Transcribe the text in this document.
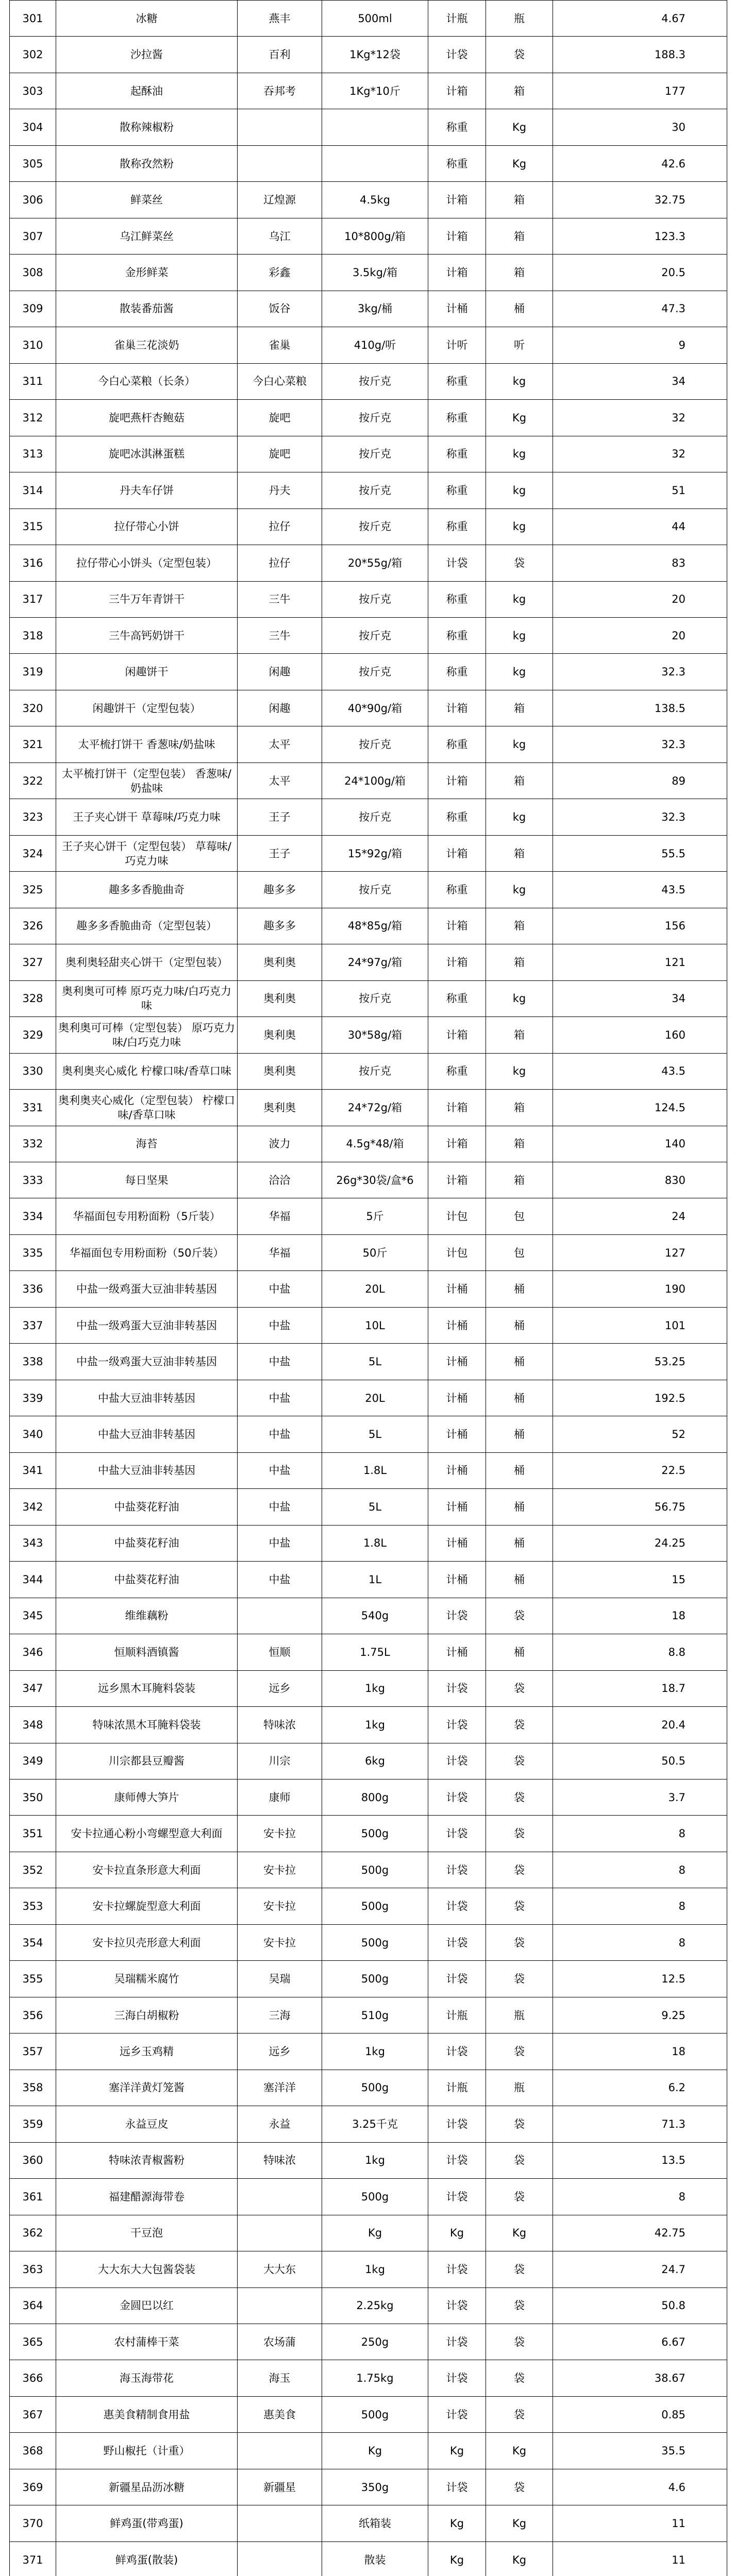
301	冰糖	燕丰	500ml	计瓶	瓶	4.67
302	沙拉酱	百利	1Kg*12袋	计袋	袋	188.3
303	起酥油	吞邦考	1Kg*10斤	计箱	箱	177
304	散称辣椒粉			称重	Kg	30
305	散称孜然粉			称重	Kg	42.6
306	鲜菜丝	辽煌源	4.5kg	计箱	箱	32.75
307	乌江鲜菜丝	乌江	10*800g/箱	计箱	箱	123.3
308	金形鲜菜	彩鑫	3.5kg/箱	计箱	箱	20.5
309	散装番茄酱	饭谷	3kg/桶	计桶	桶	47.3
310	雀巢三花淡奶	雀巢	410g/听	计听	听	9
311	今白心菜粮（长条）	今白心菜粮	按斤克	称重	kg	34
312	旋吧燕杆杏鲍菇	旋吧	按斤克	称重	Kg	32
313	旋吧冰淇淋蛋糕	旋吧	按斤克	称重	kg	32
314	丹夫车仔饼	丹夫	按斤克	称重	kg	51
315	拉仔带心小饼	拉仔	按斤克	称重	kg	44
316	拉仔带心小饼头（定型包装）	拉仔	20*55g/箱	计袋	袋	83
317	三牛万年青饼干	三牛	按斤克	称重	kg	20
318	三牛高钙奶饼干	三牛	按斤克	称重	kg	20
319	闲趣饼干	闲趣	按斤克	称重	kg	32.3
320	闲趣饼干（定型包装）	闲趣	40*90g/箱	计箱	箱	138.5
321	太平梳打饼干 香葱味/奶盐味	太平	按斤克	称重	kg	32.3
322	太平梳打饼干（定型包装） 香葱味/奶盐味	太平	24*100g/箱	计箱	箱	89
323	王子夹心饼干 草莓味/巧克力味	王子	按斤克	称重	kg	32.3
324	王子夹心饼干（定型包装） 草莓味/巧克力味	王子	15*92g/箱	计箱	箱	55.5
325	趣多多香脆曲奇	趣多多	按斤克	称重	kg	43.5
326	趣多多香脆曲奇（定型包装）	趣多多	48*85g/箱	计箱	箱	156
327	奥利奥轻甜夹心饼干（定型包装）	奥利奥	24*97g/箱	计箱	箱	121
328	奥利奥可可棒 原巧克力味/白巧克力味	奥利奥	按斤克	称重	kg	34
329	奥利奥可可棒（定型包装） 原巧克力味/白巧克力味	奥利奥	30*58g/箱	计箱	箱	160
330	奥利奥夹心威化 柠檬口味/香草口味	奥利奥	按斤克	称重	kg	43.5
331	奥利奥夹心威化（定型包装） 柠檬口味/香草口味	奥利奥	24*72g/箱	计箱	箱	124.5
332	海苔	波力	4.5g*48/箱	计箱	箱	140
333	每日坚果	洽洽	26g*30袋/盒*6	计箱	箱	830
334	华福面包专用粉面粉（5斤装）	华福	5斤	计包	包	24
335	华福面包专用粉面粉（50斤装）	华福	50斤	计包	包	127
336	中盐一级鸡蛋大豆油非转基因	中盐	20L	计桶	桶	190
337	中盐一级鸡蛋大豆油非转基因	中盐	10L	计桶	桶	101
338	中盐一级鸡蛋大豆油非转基因	中盐	5L	计桶	桶	53.25
339	中盐大豆油非转基因	中盐	20L	计桶	桶	192.5
340	中盐大豆油非转基因	中盐	5L	计桶	桶	52
341	中盐大豆油非转基因	中盐	1.8L	计桶	桶	22.5
342	中盐葵花籽油	中盐	5L	计桶	桶	56.75
343	中盐葵花籽油	中盐	1.8L	计桶	桶	24.25
344	中盐葵花籽油	中盐	1L	计桶	桶	15
345	维维藕粉		540g	计袋	袋	18
346	恒顺料酒镇酱	恒顺	1.75L	计桶	桶	8.8
347	远乡黑木耳腌料袋装	远乡	1kg	计袋	袋	18.7
348	特味浓黑木耳腌料袋装	特味浓	1kg	计袋	袋	20.4
349	川宗都县豆瓣酱	川宗	6kg	计袋	袋	50.5
350	康师傅大笋片	康师	800g	计袋	袋	3.7
351	安卡拉通心粉小弯螺型意大利面	安卡拉	500g	计袋	袋	8
352	安卡拉直条形意大利面	安卡拉	500g	计袋	袋	8
353	安卡拉螺旋型意大利面	安卡拉	500g	计袋	袋	8
354	安卡拉贝壳形意大利面	安卡拉	500g	计袋	袋	8
355	吴瑞糯米腐竹	吴瑞	500g	计袋	袋	12.5
356	三海白胡椒粉	三海	510g	计瓶	瓶	9.25
357	远乡玉鸡精	远乡	1kg	计袋	袋	18
358	塞洋洋黄灯笼酱	塞洋洋	500g	计瓶	瓶	6.2
359	永益豆皮	永益	3.25千克	计袋	袋	71.3
360	特味浓青椒酱粉	特味浓	1kg	计袋	袋	13.5
361	福建醋源海带卷		500g	计袋	袋	8
362	干豆泡		Kg	Kg	Kg	42.75
363	大大东大大包酱袋装	大大东	1kg	计袋	袋	24.7
364	金圆巴以红		2.25kg	计袋	袋	50.8
365	农村蒲棒干菜	农场蒲	250g	计袋	袋	6.67
366	海玉海带花	海玉	1.75kg	计袋	袋	38.67
367	惠美食精制食用盐	惠美食	500g	计袋	袋	0.85
368	野山椒托（计重）		Kg	Kg	Kg	35.5
369	新疆星品沥冰糖	新疆星	350g	计袋	袋	4.6
370	鲜鸡蛋(带鸡蛋)		纸箱装	Kg	Kg	11
371	鲜鸡蛋(散装)		散装	Kg	Kg	11
